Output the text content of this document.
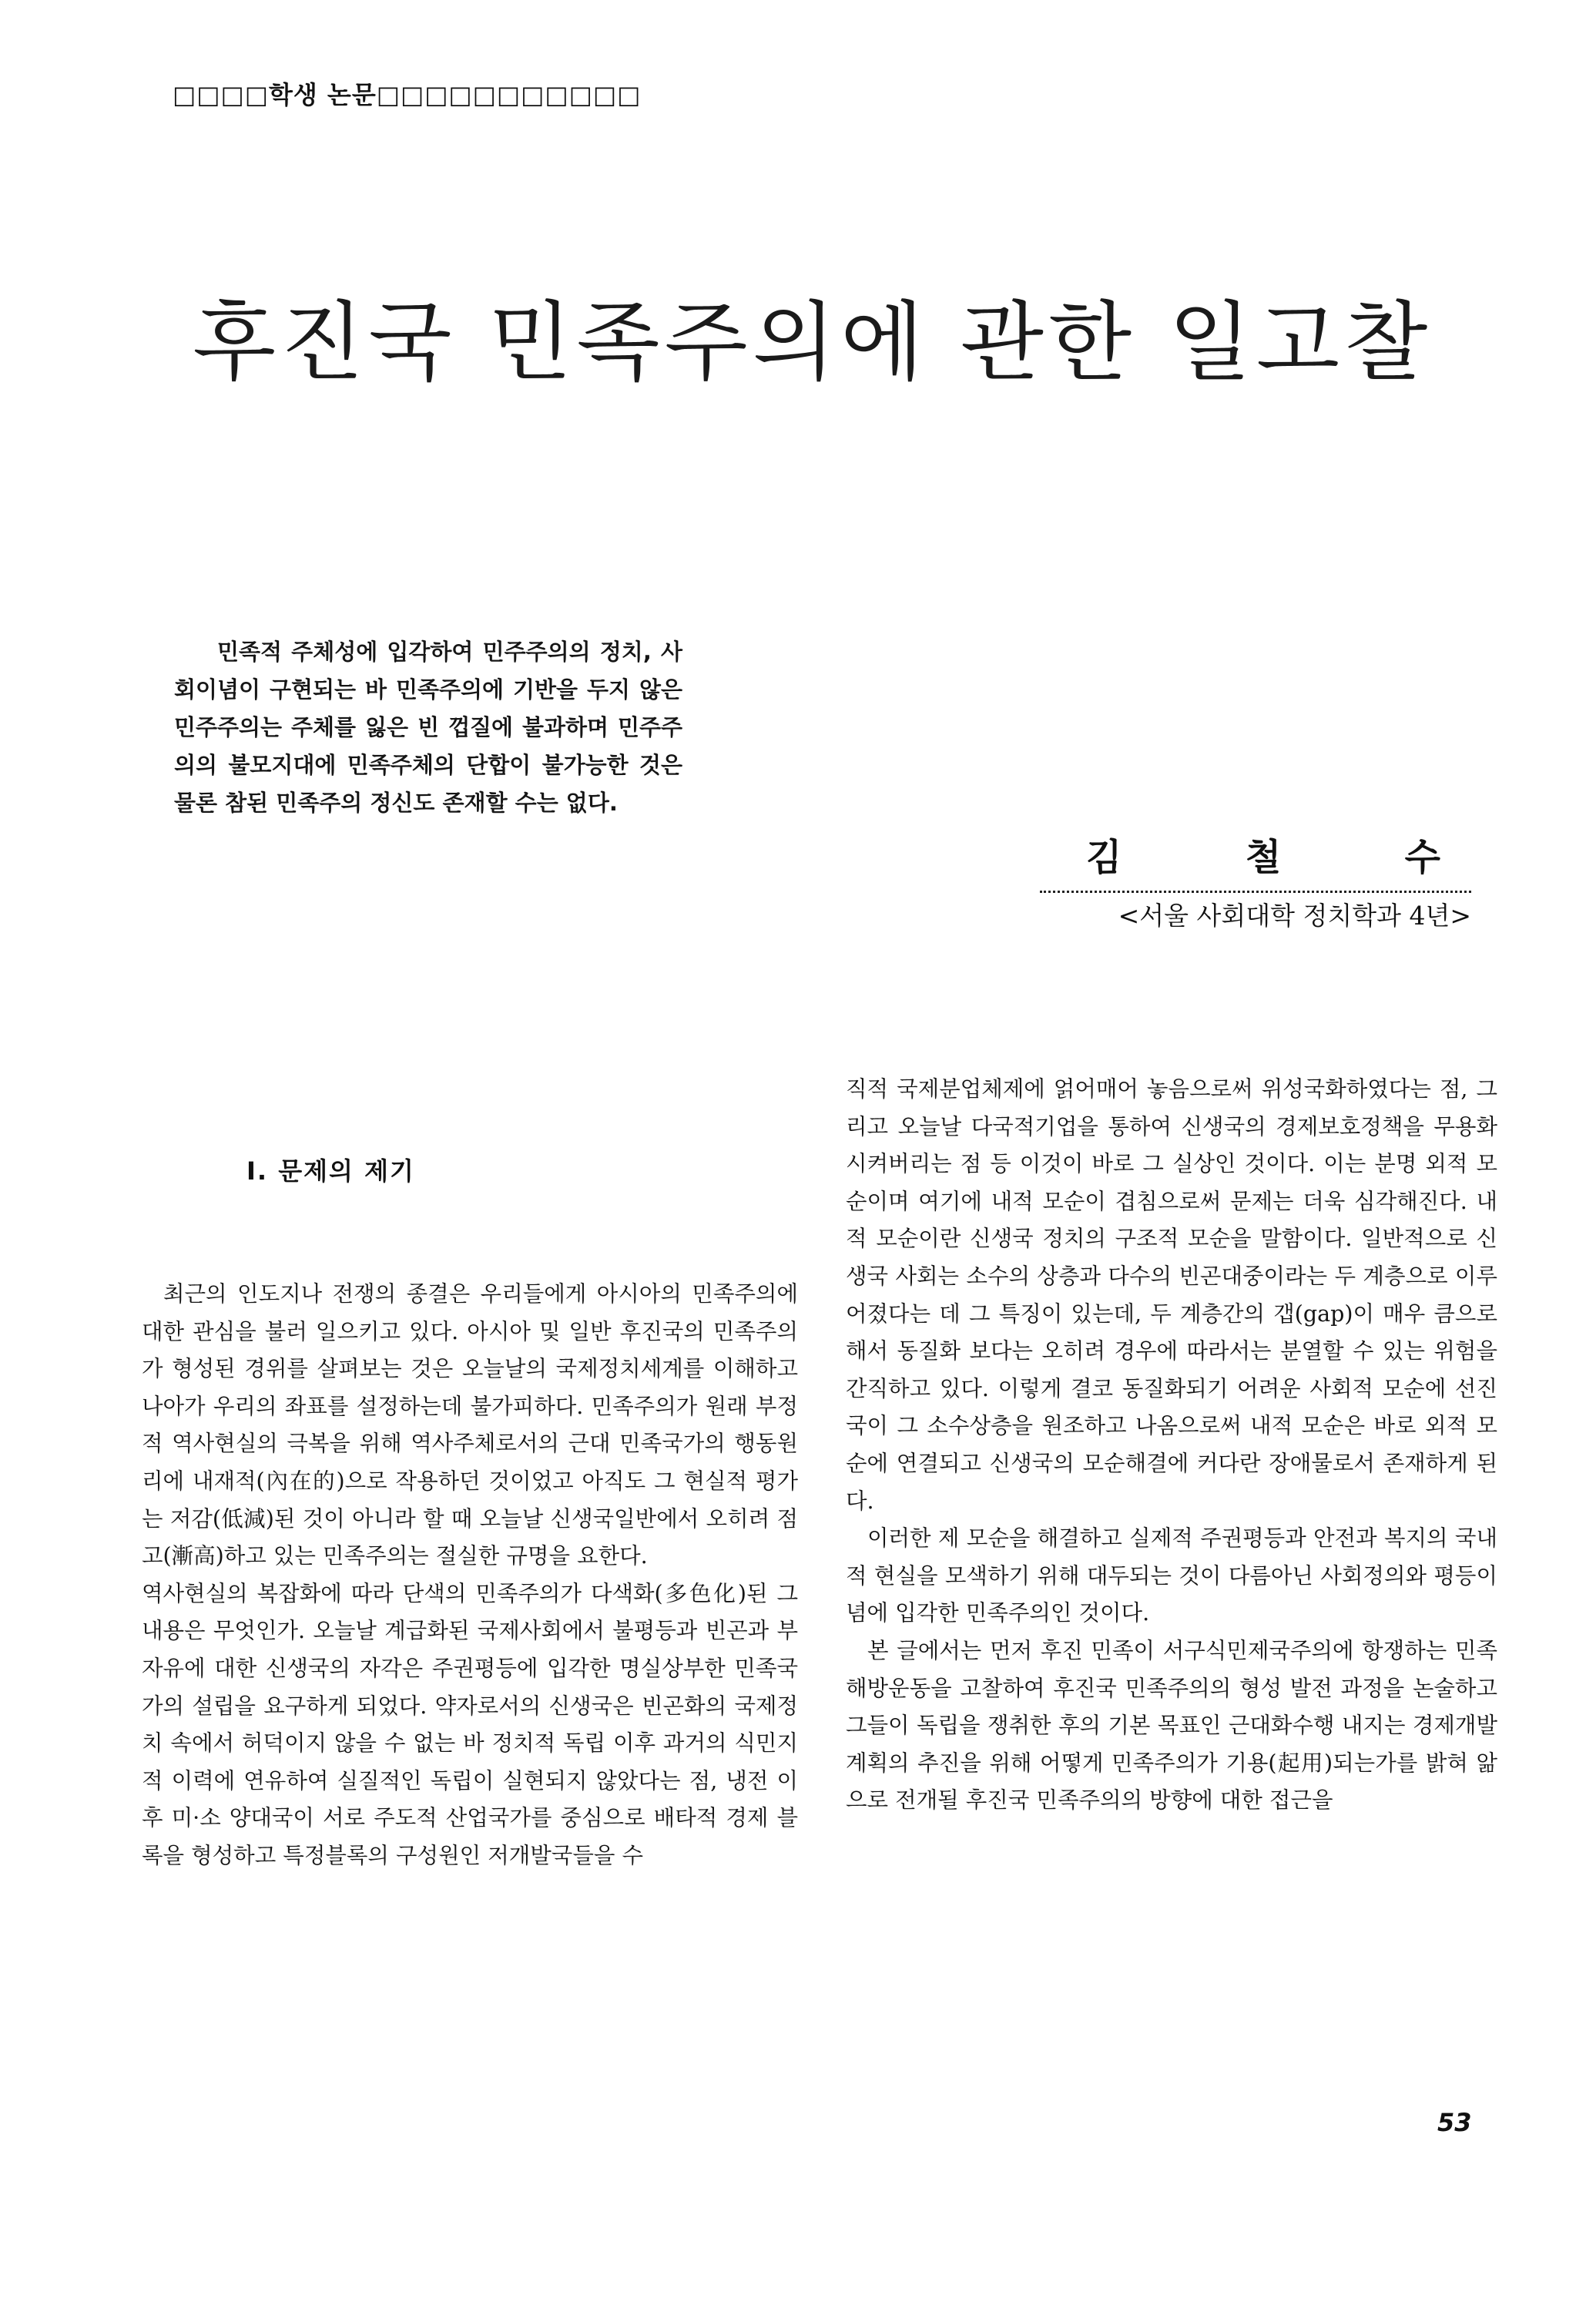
□□□□학생 논문□□□□□□□□□□□
후진국 민족주의에 관한 일고찰
민족적 주체성에 입각하여 민주주의의 정치, 사회이념이 구현되는 바 민족주의에 기반을 두지 않은 민주주의는 주체를 잃은 빈 껍질에 불과하며 민주주의의 불모지대에 민족주체의 단합이 불가능한 것은 물론 참된 민족주의 정신도 존재할 수는 없다.
김	철	수
<서울 사회대학 정치학과 4년>
Ⅰ. 문제의 제기

최근의 인도지나 전쟁의 종결은 우리들에게 아시아의 민족주의에 대한 관심을 불러 일으키고 있다. 아시아 및 일반 후진국의 민족주의가 형성된 경위를 살펴보는 것은 오늘날의 국제정치세계를 이해하고 나아가 우리의 좌표를 설정하는데 불가피하다. 민족주의가 원래 부정적 역사현실의 극복을 위해 역사주체로서의 근대 민족국가의 행동원리에 내재적(內在的)으로 작용하던 것이었고 아직도 그 현실적 평가는 저감(低減)된 것이 아니라 할 때 오늘날 신생국일반에서 오히려 점고(漸高)하고 있는 민족주의는 절실한 규명을 요한다.

역사현실의 복잡화에 따라 단색의 민족주의가 다색화(多色化)된 그 내용은 무엇인가. 오늘날 계급화된 국제사회에서 불평등과 빈곤과 부자유에 대한 신생국의 자각은 주권평등에 입각한 명실상부한 민족국가의 설립을 요구하게 되었다. 약자로서의 신생국은 빈곤화의 국제정치 속에서 허덕이지 않을 수 없는 바 정치적 독립 이후 과거의 식민지적 이력에 연유하여 실질적인 독립이 실현되지 않았다는 점, 냉전 이후 미·소 양대국이 서로 주도적 산업국가를 중심으로 배타적 경제 블록을 형성하고 특정블록의 구성원인 저개발국들을 수

직적 국제분업체제에 얽어매어 놓음으로써 위성국화하였다는 점, 그리고 오늘날 다국적기업을 통하여 신생국의 경제보호정책을 무용화시켜버리는 점 등 이것이 바로 그 실상인 것이다. 이는 분명 외적 모순이며 여기에 내적 모순이 겹침으로써 문제는 더욱 심각해진다. 내적 모순이란 신생국 정치의 구조적 모순을 말함이다. 일반적으로 신생국 사회는 소수의 상층과 다수의 빈곤대중이라는 두 계층으로 이루어졌다는 데 그 특징이 있는데, 두 계층간의 갭(gap)이 매우 큼으로 해서 동질화 보다는 오히려 경우에 따라서는 분열할 수 있는 위험을 간직하고 있다. 이렇게 결코 동질화되기 어려운 사회적 모순에 선진국이 그 소수상층을 원조하고 나옴으로써 내적 모순은 바로 외적 모순에 연결되고 신생국의 모순해결에 커다란 장애물로서 존재하게 된다.

이러한 제 모순을 해결하고 실제적 주권평등과 안전과 복지의 국내적 현실을 모색하기 위해 대두되는 것이 다름아닌 사회정의와 평등이념에 입각한 민족주의인 것이다.

본 글에서는 먼저 후진 민족이 서구식민제국주의에 항쟁하는 민족해방운동을 고찰하여 후진국 민족주의의 형성 발전 과정을 논술하고 그들이 독립을 쟁취한 후의 기본 목표인 근대화수행 내지는 경제개발 계획의 추진을 위해 어떻게 민족주의가 기용(起用)되는가를 밝혀 앎으로 전개될 후진국 민족주의의 방향에 대한 접근을

53
